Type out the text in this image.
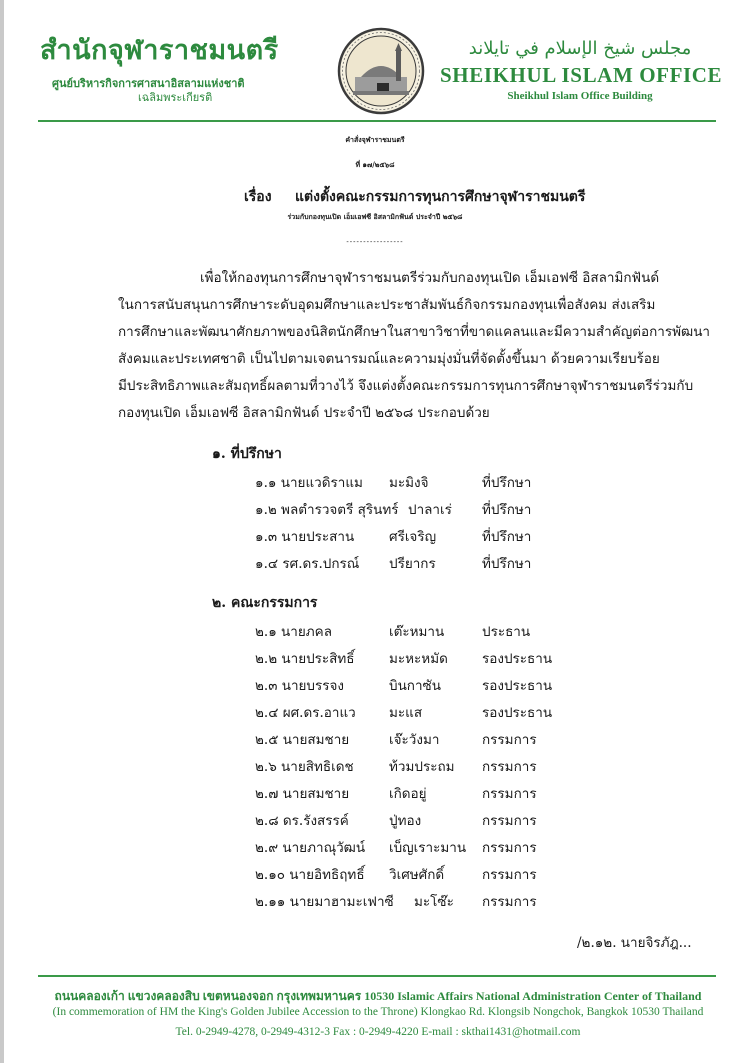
สำนักจุฬาราชมนตรี
ศูนย์บริหารกิจการศาสนาอิสลามแห่งชาติ
เฉลิมพระเกียรติ
مجلس شيخ الإسلام في تايلاند
SHEIKHUL ISLAM OFFICE
Sheikhul Islam Office Building
คำสั่งจุฬาราชมนตรี
ที่ ๑๗/๒๕๖๘
เรื่อง แต่งตั้งคณะกรรมการทุนการศึกษาจุฬาราชมนตรี
ร่วมกับกองทุนเปิด เอ็มเอฟซี อิสลามิกฟันด์ ประจำปี ๒๕๖๘
-----------------
เพื่อให้กองทุนการศึกษาจุฬาราชมนตรีร่วมกับกองทุนเปิด เอ็มเอฟซี อิสลามิกฟันด์
ในการสนับสนุนการศึกษาระดับอุดมศึกษาและประชาสัมพันธ์กิจกรรมกองทุนเพื่อสังคม ส่งเสริม
การศึกษาและพัฒนาศักยภาพของนิสิตนักศึกษาในสาขาวิชาที่ขาดแคลนและมีความสำคัญต่อการพัฒนา
สังคมและประเทศชาติ เป็นไปตามเจตนารมณ์และความมุ่งมั่นที่จัดตั้งขึ้นมา ด้วยความเรียบร้อย
มีประสิทธิภาพและสัมฤทธิ์ผลตามที่วางไว้ จึงแต่งตั้งคณะกรรมการทุนการศึกษาจุฬาราชมนตรีร่วมกับ
กองทุนเปิด เอ็มเอฟซี อิสลามิกฟันด์ ประจำปี ๒๕๖๘ ประกอบด้วย
๑. ที่ปรึกษา
๑.๑ นายแวดิราแม มะมิงจิ	ที่ปรึกษา
๑.๒ พลตำรวจตรี สุรินทร์ ปาลาเร่ ที่ปรึกษา
๑.๓ นายประสาน	ศรีเจริญ	ที่ปรึกษา
๑.๔ รศ.ดร.ปกรณ์ ปรียากร	ที่ปรึกษา
๒. คณะกรรมการ
๒.๑ นายภคล	เต๊ะหมาน	ประธาน
๒.๒ นายประสิทธิ์	มะหะหมัด	รองประธาน
๒.๓ นายบรรจง	บินกาซัน	รองประธาน
๒.๔ ผศ.ดร.อาแว มะแส	รองประธาน
๒.๕ นายสมชาย	เจ๊ะวังมา	กรรมการ
๒.๖ นายสิทธิเดช	ท้วมประถม กรรมการ
๒.๗ นายสมชาย	เกิดอยู่	กรรมการ
๒.๘ ดร.รังสรรค์	ปู่ทอง	กรรมการ
๒.๙ นายภาณุวัฒน์ เบ็ญเราะมาน กรรมการ
๒.๑๐ นายอิทธิฤทธิ์ วิเศษศักดิ์	กรรมการ
๒.๑๑ นายมาฮามะเฟาซี มะโซ๊ะ กรรมการ
/๒.๑๒. นายจิรภัฎ...
ถนนคลองเก้า แขวงคลองสิบ เขตหนองจอก กรุงเทพมหานคร 10530 Islamic Affairs National Administration Center of Thailand
(In commemoration of HM the King's Golden Jubilee Accession to the Throne) Klongkao Rd. Klongsib Nongchok, Bangkok 10530 Thailand
Tel. 0-2949-4278, 0-2949-4312-3 Fax : 0-2949-4220 E-mail : skthai1431@hotmail.com
